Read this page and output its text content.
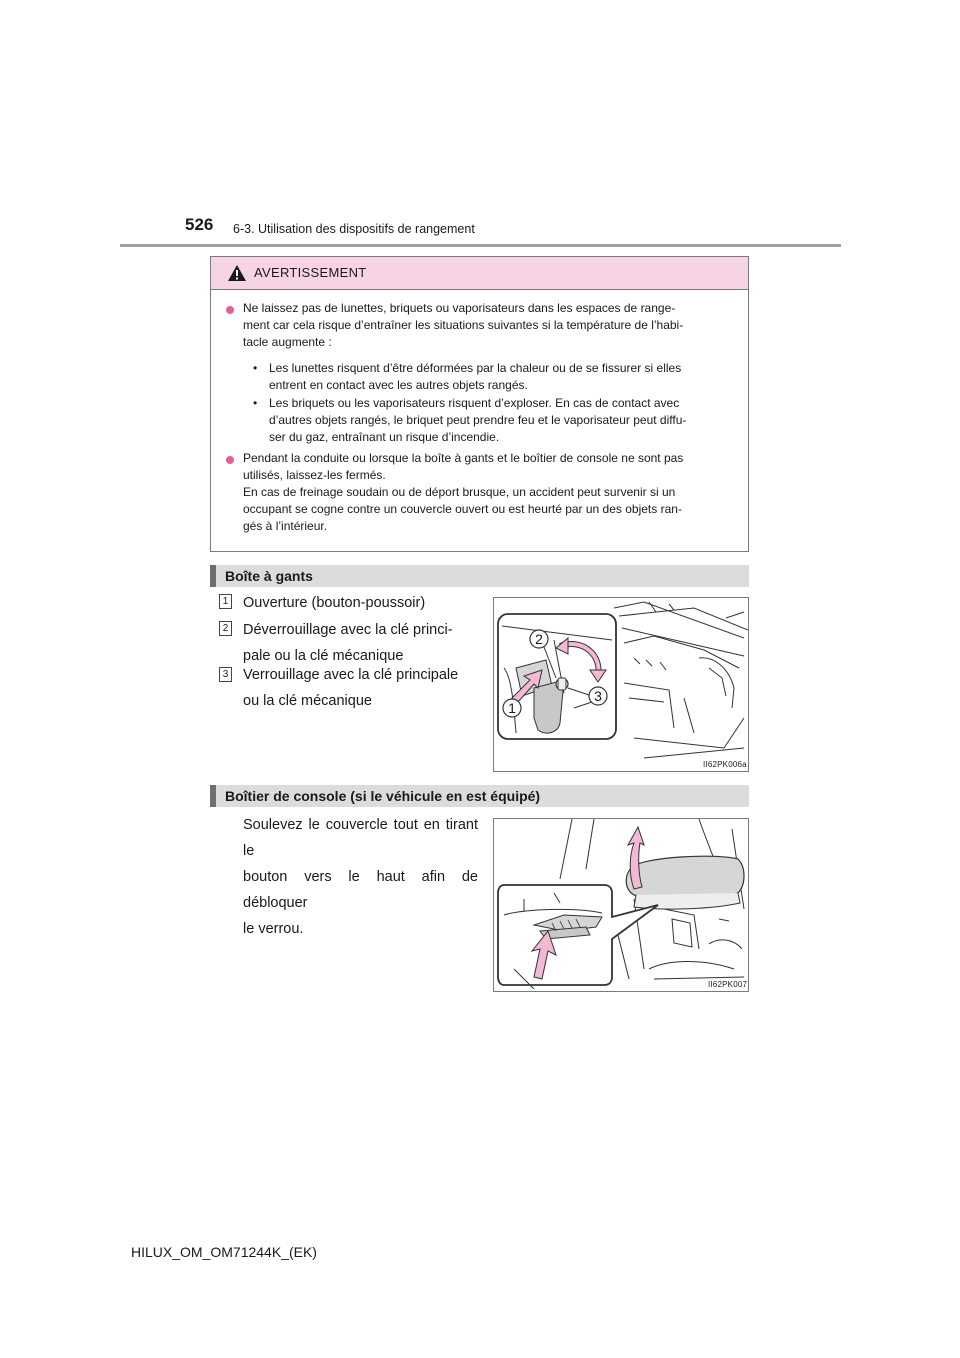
526 6-3. Utilisation des dispositifs de rangement
AVERTISSEMENT
Ne laissez pas de lunettes, briquets ou vaporisateurs dans les espaces de range-
ment car cela risque d’entraîner les situations suivantes si la température de l’habi-
tacle augmente :
• Les lunettes risquent d’être déformées par la chaleur ou de se fissurer si elles
entrent en contact avec les autres objets rangés.
• Les briquets ou les vaporisateurs risquent d’exploser. En cas de contact avec
d’autres objets rangés, le briquet peut prendre feu et le vaporisateur peut diffu-
ser du gaz, entraînant un risque d’incendie.
Pendant la conduite ou lorsque la boîte à gants et le boîtier de console ne sont pas
utilisés, laissez-les fermés.
En cas de freinage soudain ou de déport brusque, un accident peut survenir si un
occupant se cogne contre un couvercle ouvert ou est heurté par un des objets ran-
gés à l’intérieur.
Boîte à gants
1 Ouverture (bouton-poussoir)
2 Déverrouillage avec la clé princi-
pale ou la clé mécanique
3 Verrouillage avec la clé principale
ou la clé mécanique
2
3
1
II62PK006a
Boîtier de console (si le véhicule en est équipé)
Soulevez le couvercle tout en tirant le
bouton vers le haut afin de débloquer
le verrou.
II62PK007
HILUX_OM_OM71244K_(EK)
